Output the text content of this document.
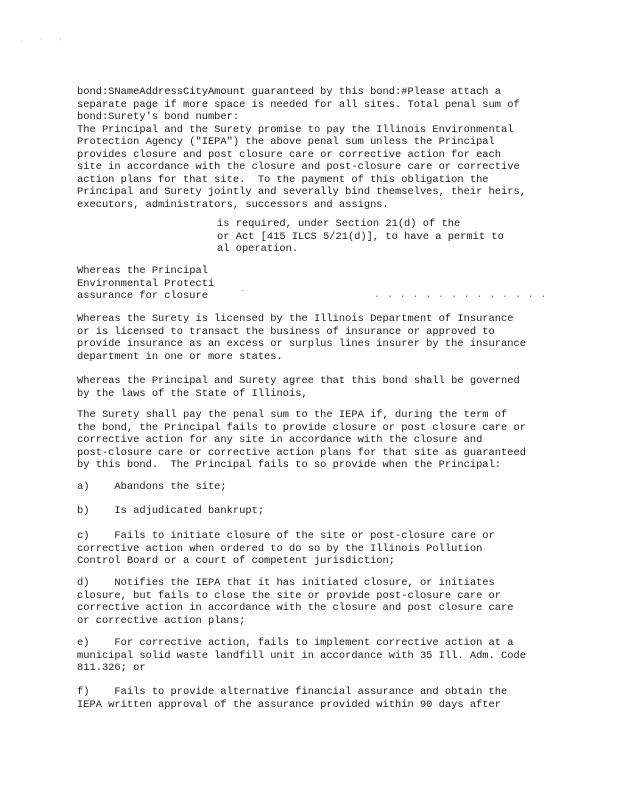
· ˙ ’
bond:SNameAddressCityAmount guaranteed by this bond:#Please attach a
separate page if more space is needed for all sites. Total penal sum of
bond:Surety's bond number:
The Principal and the Surety promise to pay the Illinois Environmental
Protection Agency ("IEPA") the above penal sum unless the Principal
provides closure and post closure care or corrective action for each
site in accordance with the closure and post-closure care or corrective
action plans for that site.  To the payment of this obligation the
Principal and Surety jointly and severally bind themselves, their heirs,
executors, administrators, successors and assigns.
is required, under Section 21(d) of the
or Act [415 ILCS 5/21(d)], to have a permit to
al operation.
Whereas the Principal
Environmental Protecti
assurance for closure	˙                    . . . . . . . . . . . . . .
Whereas the Surety is licensed by the Illinois Department of Insurance
or is licensed to transact the business of insurance or approved to
provide insurance as an excess or surplus lines insurer by the insurance
department in one or more states.
Whereas the Principal and Surety agree that this bond shall be governed
by the laws of the State of Illinois,
The Surety shall pay the penal sum to the IEPA if, during the term of
the bond, the Principal fails to provide closure or post closure care or
corrective action for any site in accordance with the closure and
post-closure care or corrective action plans for that site as guaranteed
by this bond.  The Principal fails to so provide when the Principal:
a)    Abandons the site;
b)    Is adjudicated bankrupt;
c)    Fails to initiate closure of the site or post-closure care or
corrective action when ordered to do so by the Illinois Pollution
Control Board or a court of competent jurisdiction;
d)    Notifies the IEPA that it has initiated closure, or initiates
closure, but fails to close the site or provide post-closure care or
corrective action in accordance with the closure and post closure care
or corrective action plans;
e)    For corrective action, fails to implement corrective action at a
municipal solid waste landfill unit in accordance with 35 Ill. Adm. Code
811.326; or
f)    Fails to provide alternative financial assurance and obtain the
IEPA written approval of the assurance provided within 90 days after
